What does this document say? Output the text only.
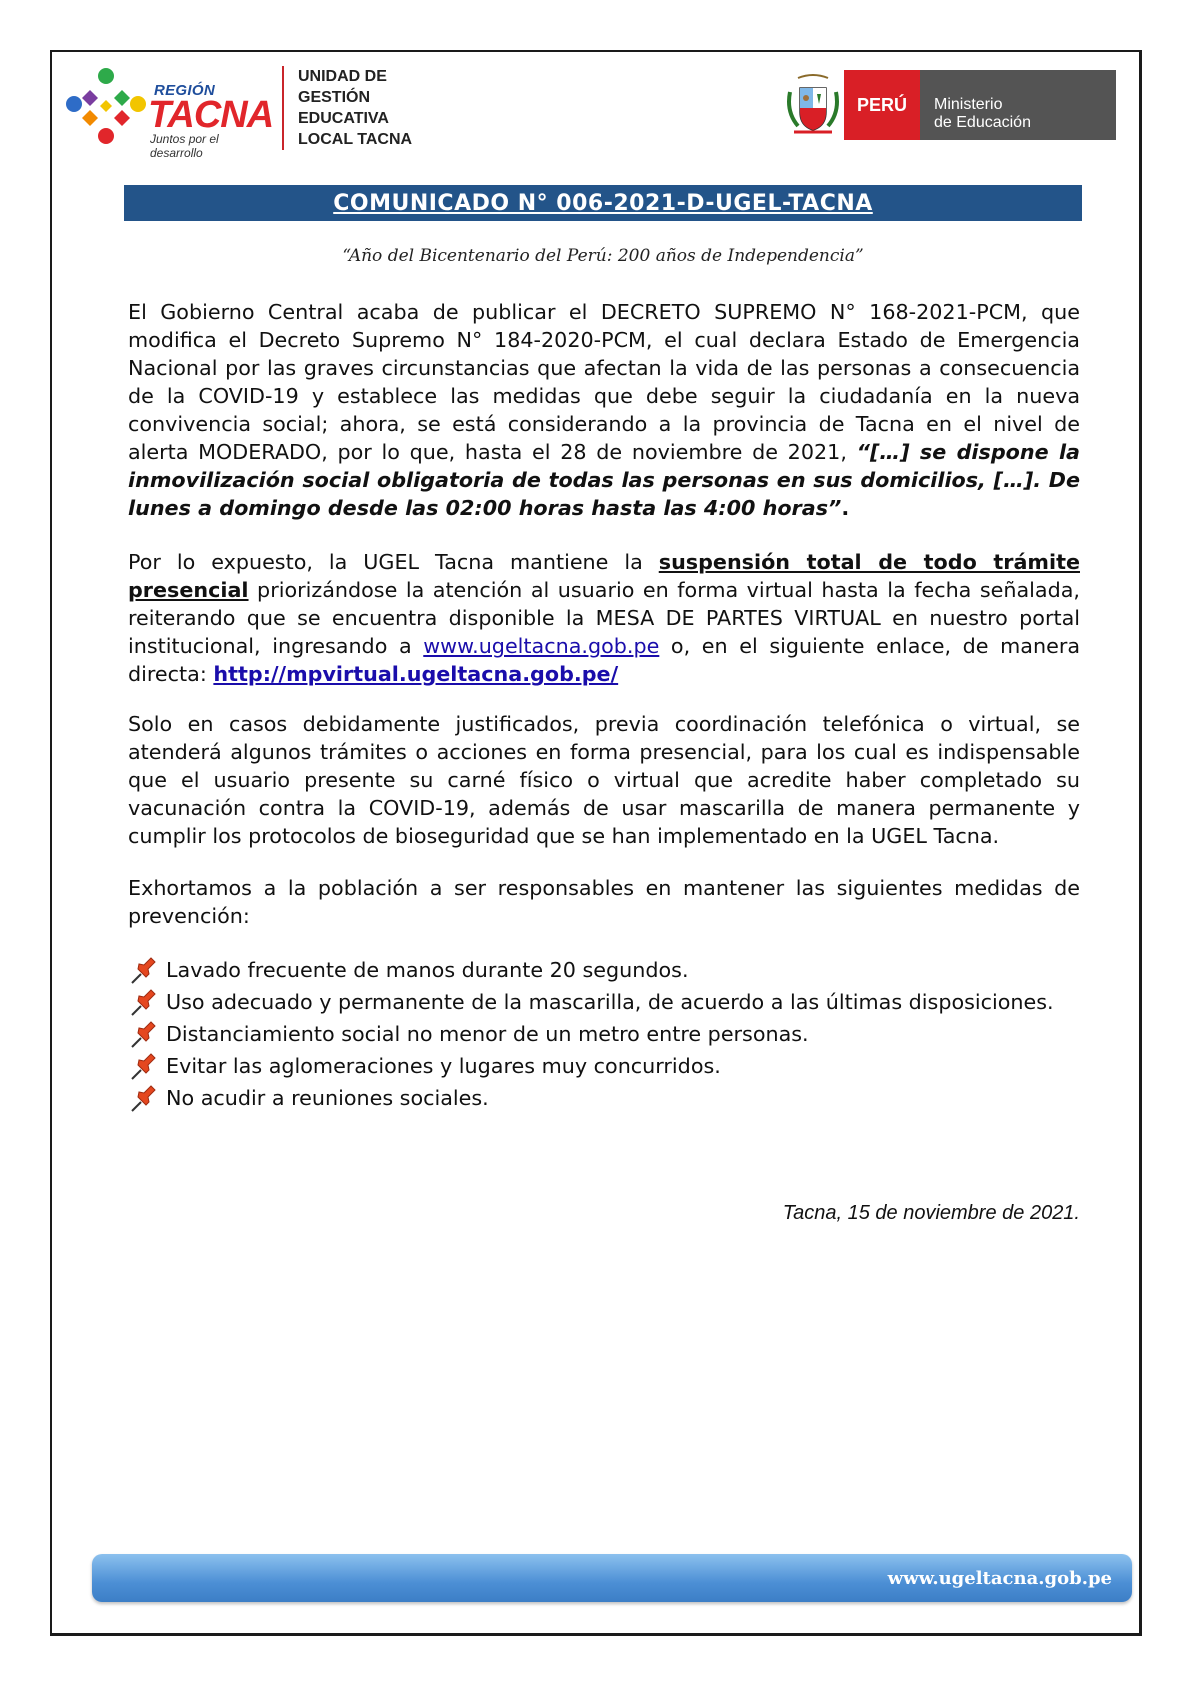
REGIÓN
TACNA
Juntos por el desarrollo
UNIDAD DE
GESTIÓN
EDUCATIVA
LOCAL TACNA
PERÚ Ministerio
de Educación
COMUNICADO N° 006-2021-D-UGEL-TACNA
“Año del Bicentenario del Perú: 200 años de Independencia”
El Gobierno Central acaba de publicar el DECRETO SUPREMO N° 168-2021-PCM, que modifica el Decreto Supremo N° 184-2020-PCM, el cual declara Estado de Emergencia Nacional por las graves circunstancias que afectan la vida de las personas a consecuencia de la COVID-19 y establece las medidas que debe seguir la ciudadanía en la nueva convivencia social; ahora, se está considerando a la provincia de Tacna en el nivel de alerta MODERADO, por lo que, hasta el 28 de noviembre de 2021, “[…] se dispone la inmovilización social obligatoria de todas las personas en sus domicilios, […]. De lunes a domingo desde las 02:00 horas hasta las 4:00 horas”.
Por lo expuesto, la UGEL Tacna mantiene la suspensión total de todo trámite presencial priorizándose la atención al usuario en forma virtual hasta la fecha señalada, reiterando que se encuentra disponible la MESA DE PARTES VIRTUAL en nuestro portal institucional, ingresando a www.ugeltacna.gob.pe o, en el siguiente enlace, de manera directa: http://mpvirtual.ugeltacna.gob.pe/
Solo en casos debidamente justificados, previa coordinación telefónica o virtual, se atenderá algunos trámites o acciones en forma presencial, para los cual es indispensable que el usuario presente su carné físico o virtual que acredite haber completado su vacunación contra la COVID-19, además de usar mascarilla de manera permanente y cumplir los protocolos de bioseguridad que se han implementado en la UGEL Tacna.
Exhortamos a la población a ser responsables en mantener las siguientes medidas de prevención:
Lavado frecuente de manos durante 20 segundos.
Uso adecuado y permanente de la mascarilla, de acuerdo a las últimas disposiciones.
Distanciamiento social no menor de un metro entre personas.
Evitar las aglomeraciones y lugares muy concurridos.
No acudir a reuniones sociales.
Tacna, 15 de noviembre de 2021.
www.ugeltacna.gob.pe
